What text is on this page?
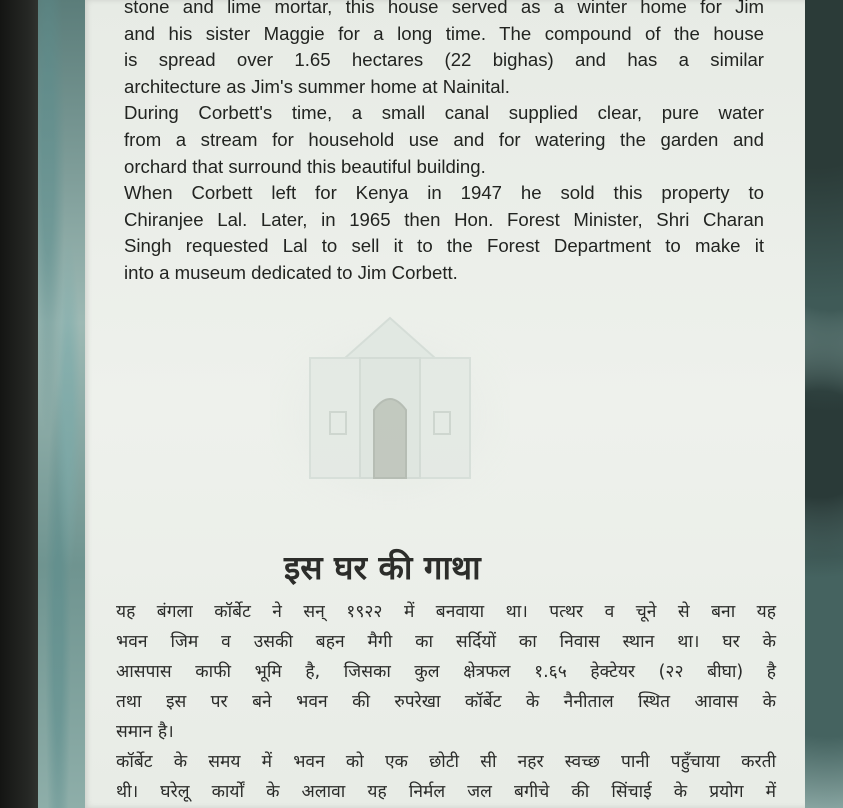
stone and lime mortar, this house served as a winter home for Jim
and his sister Maggie for a long time. The compound of the house
is spread over 1.65 hectares (22 bighas) and has a similar
architecture as Jim's summer home at Nainital.

During Corbett's time, a small canal supplied clear, pure water
from a stream for household use and for watering the garden and
orchard that surround this beautiful building.

When Corbett left for Kenya in 1947 he sold this property to
Chiranjee Lal. Later, in 1965 then Hon. Forest Minister, Shri Charan
Singh requested Lal to sell it to the Forest Department to make it
into a museum dedicated to Jim Corbett.

इस घर की गाथा

यह बंगला कॉर्बेट ने सन् १९२२ में बनवाया था। पत्थर व चूने से बना यह
भवन जिम व उसकी बहन मैगी का सर्दियों का निवास स्थान था। घर के
आसपास काफी भूमि है, जिसका कुल क्षेत्रफल १.६५ हेक्टेयर (२२ बीघा) है
तथा इस पर बने भवन की रुपरेखा कॉर्बेट के नैनीताल स्थित आवास के
समान है।

कॉर्बेट के समय में भवन को एक छोटी सी नहर स्वच्छ पानी पहुँचाया करती
थी। घरेलू कार्यों के अलावा यह निर्मल जल बगीचे की सिंचाई के प्रयोग में
